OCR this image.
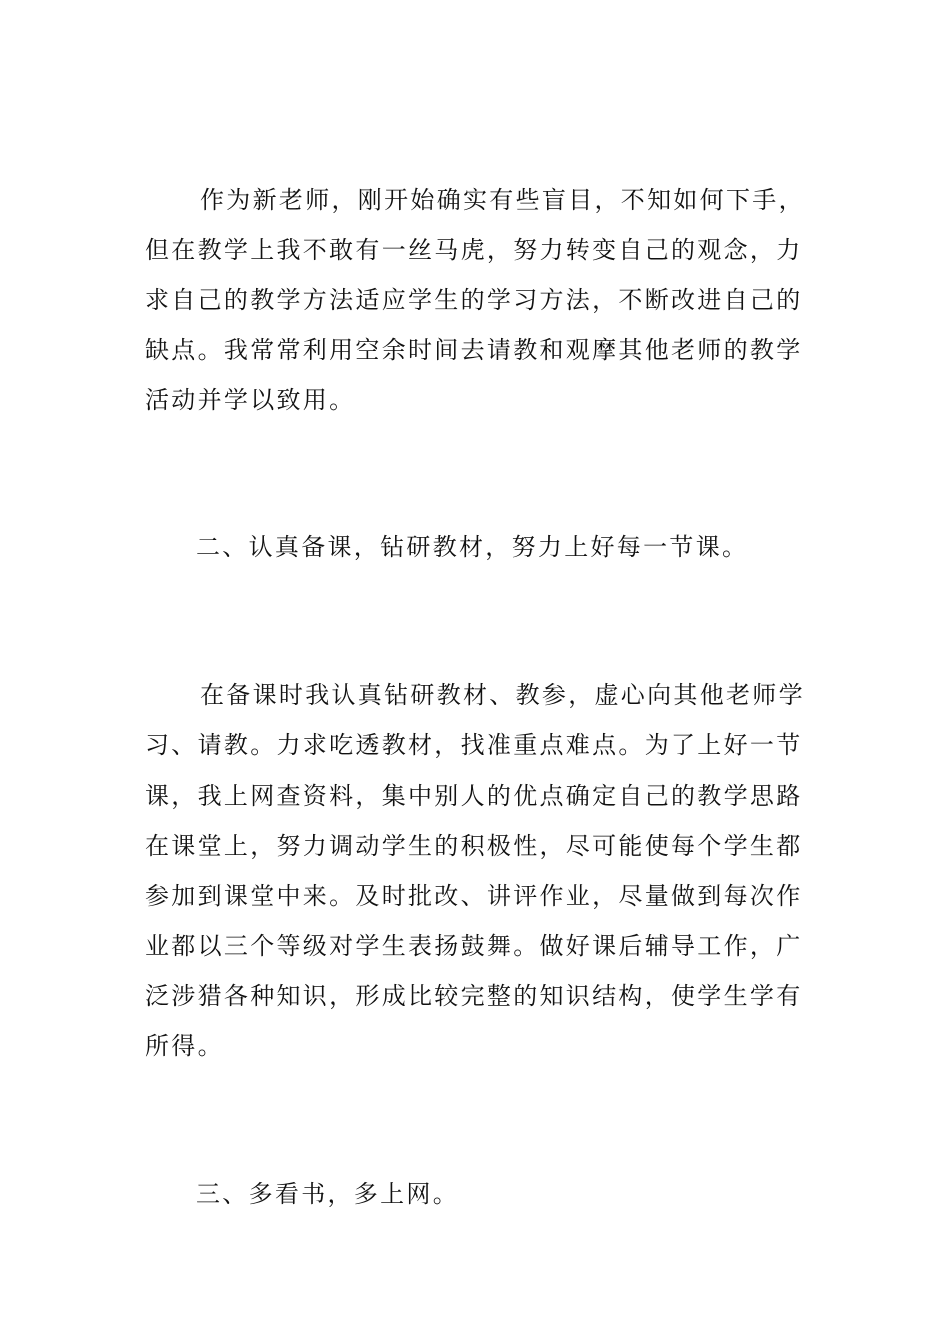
作为新老师，刚开始确实有些盲目，不知如何下手，
但在教学上我不敢有一丝马虎，努力转变自己的观念，力
求自己的教学方法适应学生的学习方法，不断改进自己的
缺点。我常常利用空余时间去请教和观摩其他老师的教学
活动并学以致用。
二、认真备课，钻研教材，努力上好每一节课。
在备课时我认真钻研教材、教参，虚心向其他老师学
习、请教。力求吃透教材，找准重点难点。为了上好一节
课，我上网查资料，集中别人的优点确定自己的教学思路
在课堂上，努力调动学生的积极性，尽可能使每个学生都
参加到课堂中来。及时批改、讲评作业，尽量做到每次作
业都以三个等级对学生表扬鼓舞。做好课后辅导工作，广
泛涉猎各种知识，形成比较完整的知识结构，使学生学有
所得。
三、多看书，多上网。
